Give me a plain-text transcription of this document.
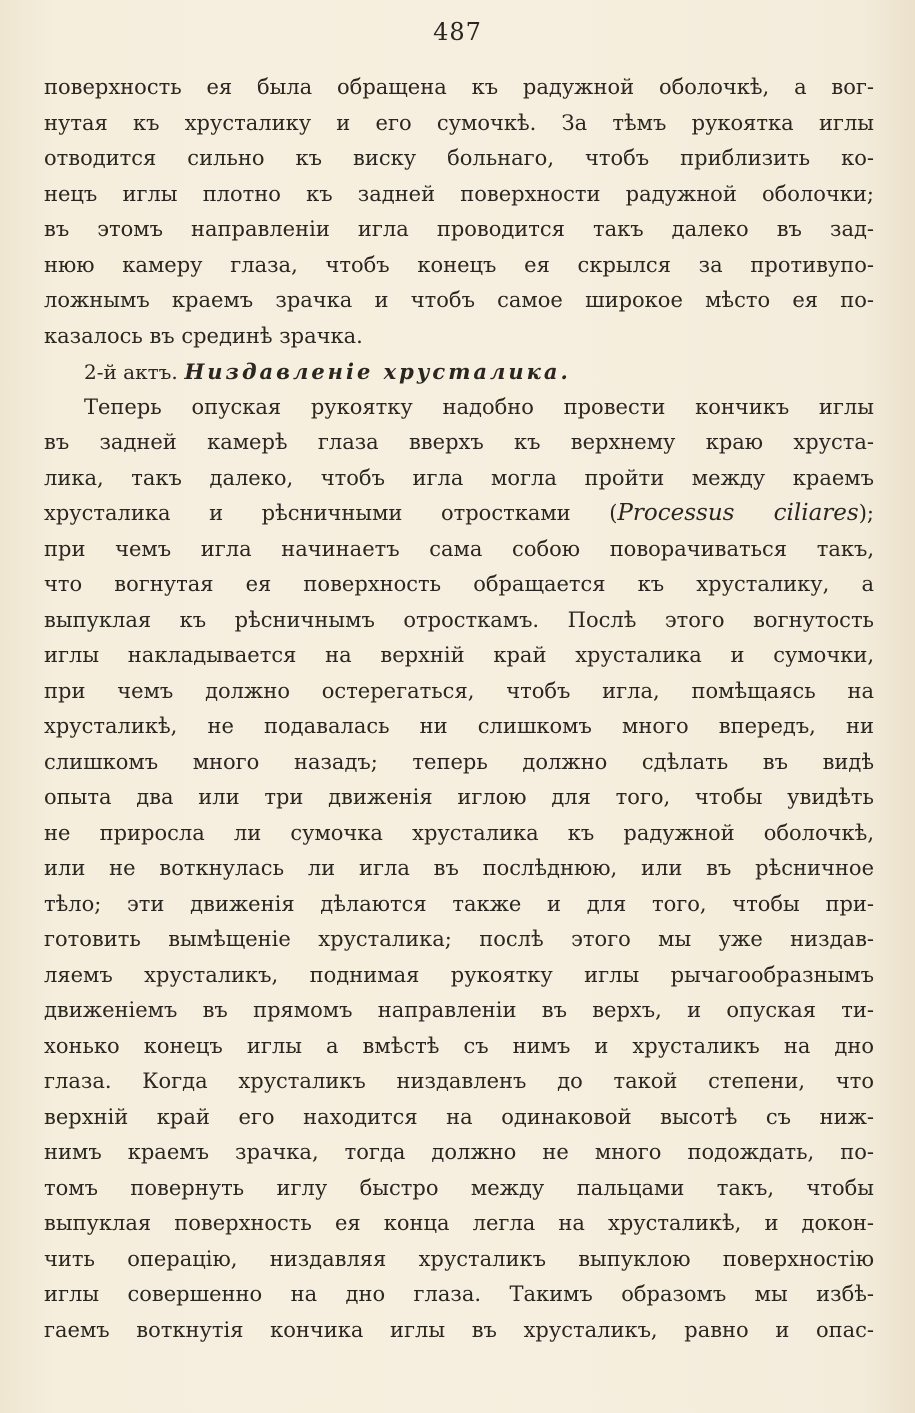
487
поверхность ея была обращена къ радужной оболочкѣ, а вог-
нутая къ хрусталику и его сумочкѣ. За тѣмъ рукоятка иглы
отводится сильно къ виску больнаго, чтобъ приблизить ко-
нецъ иглы плотно къ задней поверхности радужной оболочки;
въ этомъ направленіи игла проводится такъ далеко въ зад-
нюю камеру глаза, чтобъ конецъ ея скрылся за противупо-
ложнымъ краемъ зрачка и чтобъ самое широкое мѣсто ея по-
казалось въ срединѣ зрачка.
2-й актъ. Низдавленіе хрусталика.
Теперь опуская рукоятку надобно провести кончикъ иглы
въ задней камерѣ глаза вверхъ къ верхнему краю хруста-
лика, такъ далеко, чтобъ игла могла пройти между краемъ
хрусталика и рѣсничными отростками (Processus ciliares);
при чемъ игла начинаетъ сама собою поворачиваться такъ,
что вогнутая ея поверхность обращается къ хрусталику, а
выпуклая къ рѣсничнымъ отросткамъ. Послѣ этого вогнутость
иглы накладывается на верхній край хрусталика и сумочки,
при чемъ должно остерегаться, чтобъ игла, помѣщаясь на
хрусталикѣ, не подавалась ни слишкомъ много впередъ, ни
слишкомъ много назадъ; теперь должно сдѣлать въ видѣ
опыта два или три движенія иглою для того, чтобы увидѣть
не приросла ли сумочка хрусталика къ радужной оболочкѣ,
или не воткнулась ли игла въ послѣднюю, или въ рѣсничное
тѣло; эти движенія дѣлаются также и для того, чтобы при-
готовить вымѣщеніе хрусталика; послѣ этого мы уже низдав-
ляемъ хрусталикъ, поднимая рукоятку иглы рычагообразнымъ
движеніемъ въ прямомъ направленіи въ верхъ, и опуская ти-
хонько конецъ иглы а вмѣстѣ съ нимъ и хрусталикъ на дно
глаза. Когда хрусталикъ низдавленъ до такой степени, что
верхній край его находится на одинаковой высотѣ съ ниж-
нимъ краемъ зрачка, тогда должно не много подождать, по-
томъ повернуть иглу быстро между пальцами такъ, чтобы
выпуклая поверхность ея конца легла на хрусталикѣ, и докон-
чить операцію, низдавляя хрусталикъ выпуклою поверхностію
иглы совершенно на дно глаза. Такимъ образомъ мы избѣ-
гаемъ воткнутія кончика иглы въ хрусталикъ, равно и опас-
